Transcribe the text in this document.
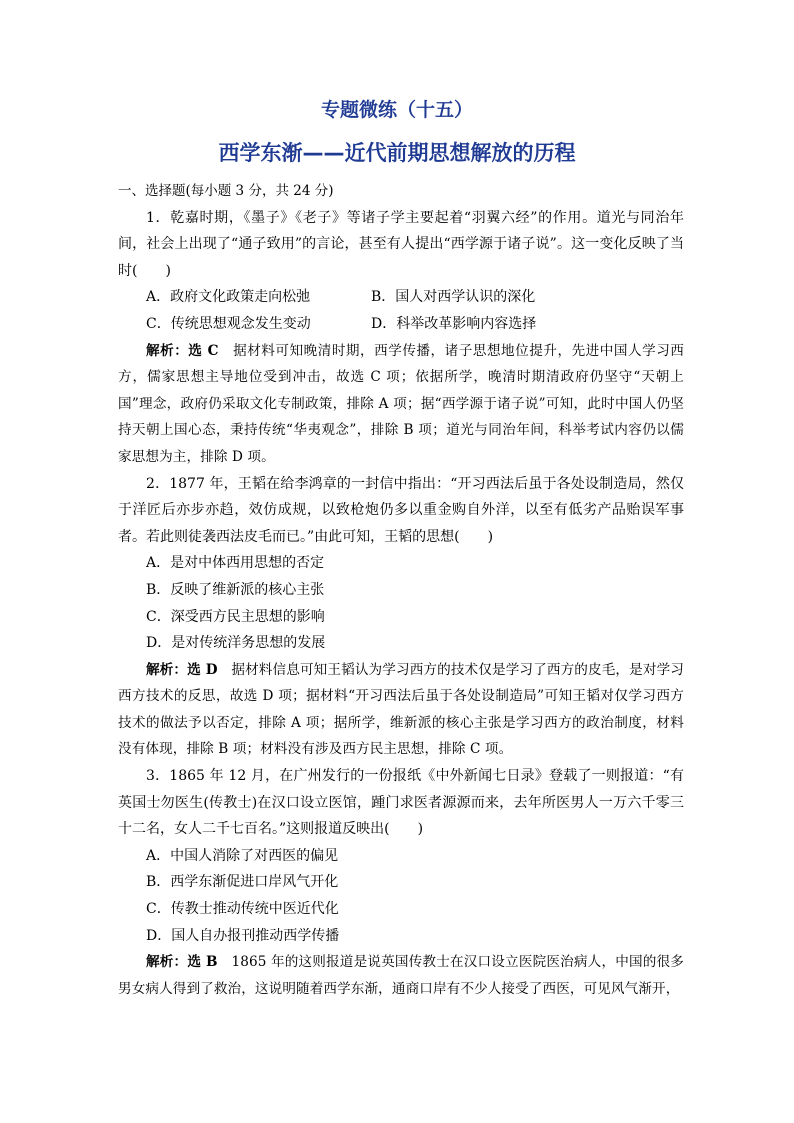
专题微练（十五）
西学东渐——近代前期思想解放的历程

一、选择题(每小题 3 分，共 24 分)

1．乾嘉时期，《墨子》《老子》等诸子学主要起着“羽翼六经”的作用。道光与同治年间，社会上出现了“通子致用”的言论，甚至有人提出“西学源于诸子说”。这一变化反映了当时(　　)

A．政府文化政策走向松弛	B．国人对西学认识的深化
C．传统思想观念发生变动	D．科举改革影响内容选择

解析：选 C　 据材料可知晚清时期，西学传播，诸子思想地位提升，先进中国人学习西方，儒家思想主导地位受到冲击，故选 C 项；依据所学，晚清时期清政府仍坚守“天朝上国”理念，政府仍采取文化专制政策，排除 A 项；据“西学源于诸子说”可知，此时中国人仍坚持天朝上国心态，秉持传统“华夷观念”，排除 B 项；道光与同治年间，科举考试内容仍以儒家思想为主，排除 D 项。

2．1877 年，王韬在给李鸿章的一封信中指出：“开习西法后虽于各处设制造局，然仅于洋匠后亦步亦趋，效仿成规，以致枪炮仍多以重金购自外洋，以至有低劣产品贻误军事者。若此则徒袭西法皮毛而已。”由此可知，王韬的思想(　　)

A．是对中体西用思想的否定
B．反映了维新派的核心主张
C．深受西方民主思想的影响
D．是对传统洋务思想的发展

解析：选 D　 据材料信息可知王韬认为学习西方的技术仅是学习了西方的皮毛，是对学习西方技术的反思，故选 D 项；据材料“开习西法后虽于各处设制造局”可知王韬对仅学习西方技术的做法予以否定，排除 A 项；据所学，维新派的核心主张是学习西方的政治制度，材料没有体现，排除 B 项；材料没有涉及西方民主思想，排除 C 项。

3．1865 年 12 月，在广州发行的一份报纸《中外新闻七日录》登载了一则报道：“有英国士勿医生(传教士)在汉口设立医馆，踵门求医者源源而来，去年所医男人一万六千零三十二名，女人二千七百名。”这则报道反映出(　　)

A．中国人消除了对西医的偏见
B．西学东渐促进口岸风气开化
C．传教士推动传统中医近代化
D．国人自办报刊推动西学传播

解析：选 B　 1865 年的这则报道是说英国传教士在汉口设立医院医治病人，中国的很多男女病人得到了救治，这说明随着西学东渐，通商口岸有不少人接受了西医，可见风气渐开，
